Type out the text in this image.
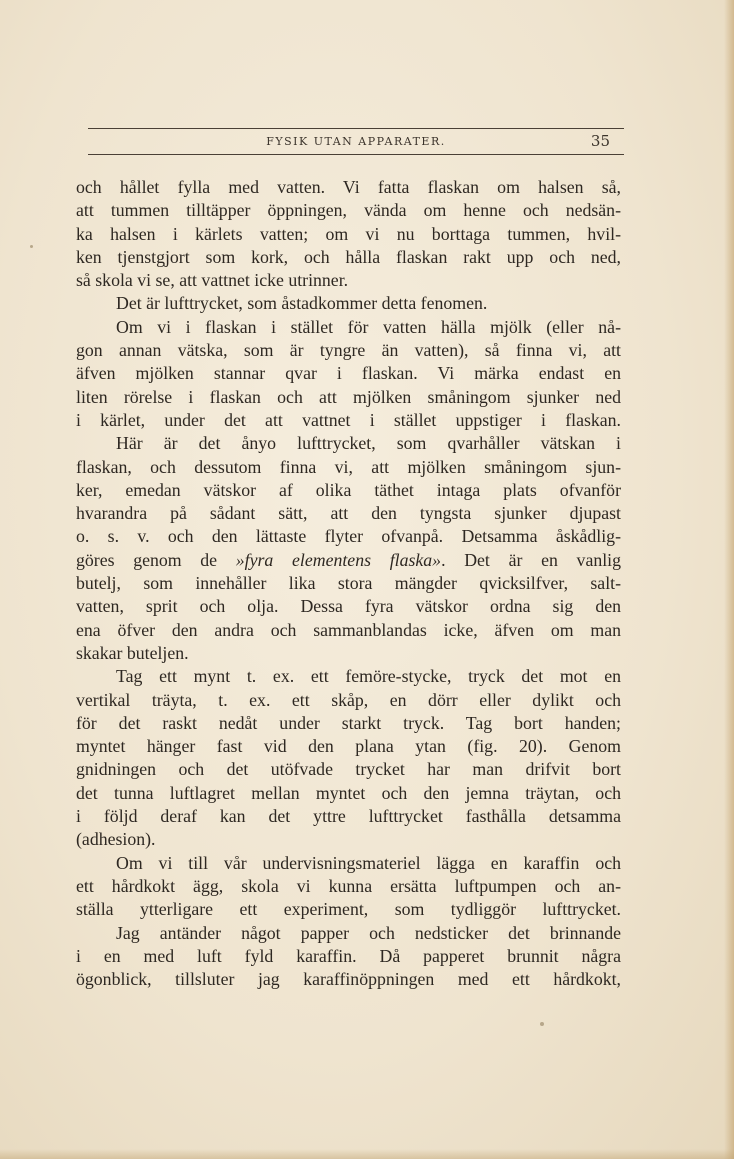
FYSIK UTAN APPARATER.	35
och hållet fylla med vatten. Vi fatta flaskan om halsen så,
att tummen tilltäpper öppningen, vända om henne och nedsän-
ka halsen i kärlets vatten; om vi nu borttaga tummen, hvil-
ken tjenstgjort som kork, och hålla flaskan rakt upp och ned,
så skola vi se, att vattnet icke utrinner.
Det är lufttrycket, som åstadkommer detta fenomen.
Om vi i flaskan i stället för vatten hälla mjölk (eller nå-
gon annan vätska, som är tyngre än vatten), så finna vi, att
äfven mjölken stannar qvar i flaskan. Vi märka endast en
liten rörelse i flaskan och att mjölken småningom sjunker ned
i kärlet, under det att vattnet i stället uppstiger i flaskan.
Här är det ånyo lufttrycket, som qvarhåller vätskan i
flaskan, och dessutom finna vi, att mjölken småningom sjun-
ker, emedan vätskor af olika täthet intaga plats ofvanför
hvarandra på sådant sätt, att den tyngsta sjunker djupast
o. s. v. och den lättaste flyter ofvanpå. Detsamma åskådlig-
göres genom de »fyra elementens flaska». Det är en vanlig
butelj, som innehåller lika stora mängder qvicksilfver, salt-
vatten, sprit och olja. Dessa fyra vätskor ordna sig den
ena öfver den andra och sammanblandas icke, äfven om man
skakar buteljen.
Tag ett mynt t. ex. ett femöre-stycke, tryck det mot en
vertikal träyta, t. ex. ett skåp, en dörr eller dylikt och
för det raskt nedåt under starkt tryck. Tag bort handen;
myntet hänger fast vid den plana ytan (fig. 20). Genom
gnidningen och det utöfvade trycket har man drifvit bort
det tunna luftlagret mellan myntet och den jemna träytan, och
i följd deraf kan det yttre lufttrycket fasthålla detsamma
(adhesion).
Om vi till vår undervisningsmateriel lägga en karaffin och
ett hårdkokt ägg, skola vi kunna ersätta luftpumpen och an-
ställa ytterligare ett experiment, som tydliggör lufttrycket.
Jag antänder något papper och nedsticker det brinnande
i en med luft fyld karaffin. Då papperet brunnit några
ögonblick, tillsluter jag karaffinöppningen med ett hårdkokt,
